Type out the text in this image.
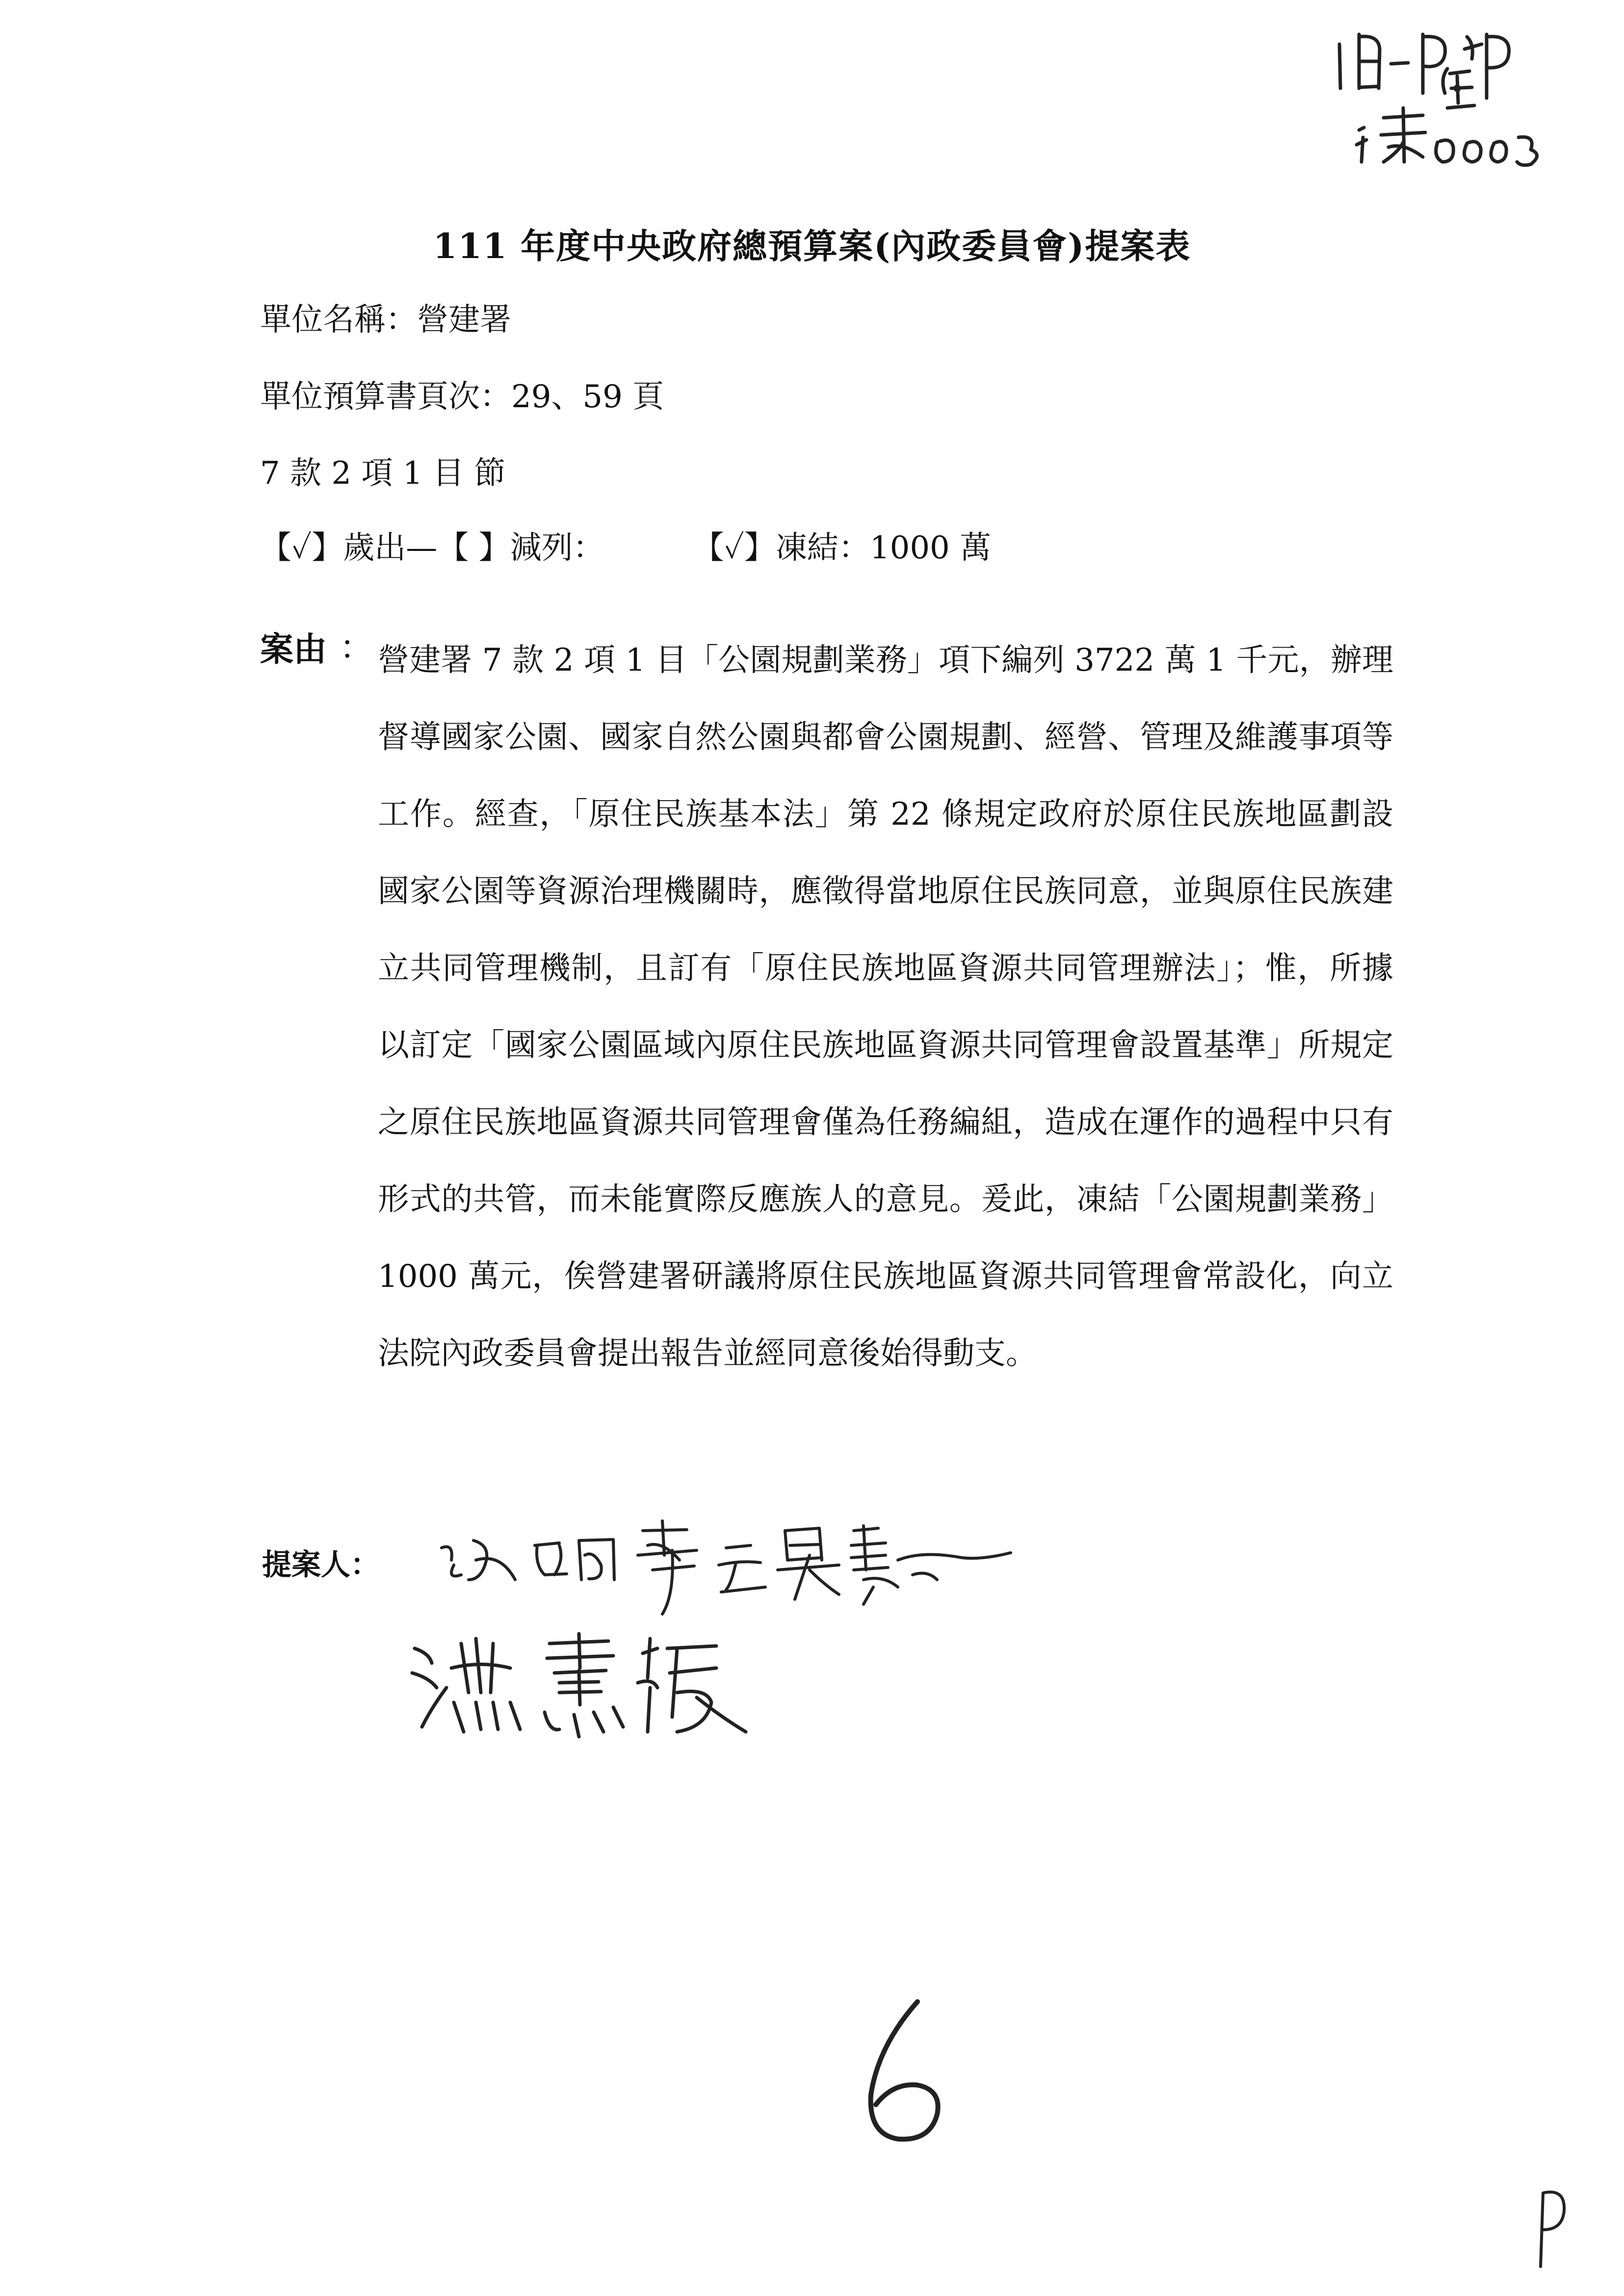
111 年度中央政府總預算案(內政委員會)提案表
單位名稱：營建署
單位預算書頁次：29、59 頁
7 款 2 項 1 目 節
【✓】歲出—【 】減列：	【✓】凍結：1000 萬
案由 ： 營建署 7 款 2 項 1 目「公園規劃業務」項下編列 3722 萬 1 千元，辦理督導國家公園、國家自然公園與都會公園規劃、經營、管理及維護事項等工作。經查，「原住民族基本法」第 22 條規定政府於原住民族地區劃設國家公園等資源治理機關時，應徵得當地原住民族同意，並與原住民族建立共同管理機制，且訂有「原住民族地區資源共同管理辦法」；惟，所據以訂定「國家公園區域內原住民族地區資源共同管理會設置基準」所規定之原住民族地區資源共同管理會僅為任務編組，造成在運作的過程中只有形式的共管，而未能實際反應族人的意見。爰此，凍結「公園規劃業務」1000 萬元，俟營建署研議將原住民族地區資源共同管理會常設化，向立法院內政委員會提出報告並經同意後始得動支。
提案人：
